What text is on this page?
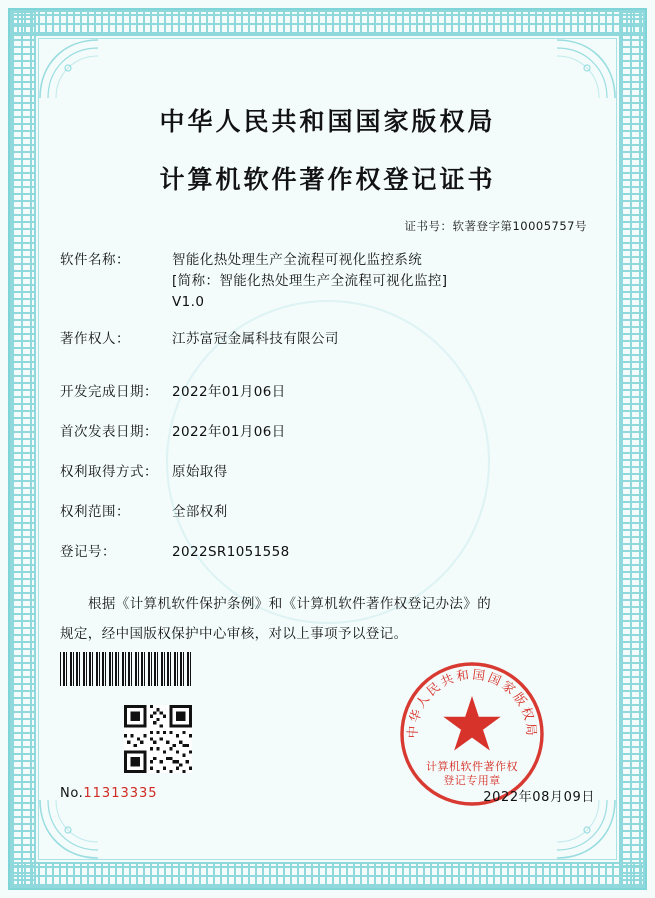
中华人民共和国国家版权局
计算机软件著作权登记证书
证书号：软著登字第10005757号
软件名称：	智能化热处理生产全流程可视化监控系统
[简称：智能化热处理生产全流程可视化监控]
V1.0
著作权人：	江苏富冠金属科技有限公司
开发完成日期：	2022年01月06日
首次发表日期：	2022年01月06日
权利取得方式：	原始取得
权利范围：	全部权利
登记号：	2022SR1051558

根据《计算机软件保护条例》和《计算机软件著作权登记办法》的

规定，经中国版权保护中心审核，对以上事项予以登记。

中华人民共和国国家版权局
计算机软件著作权
登记专用章
No.11313335	2022年08月09日
